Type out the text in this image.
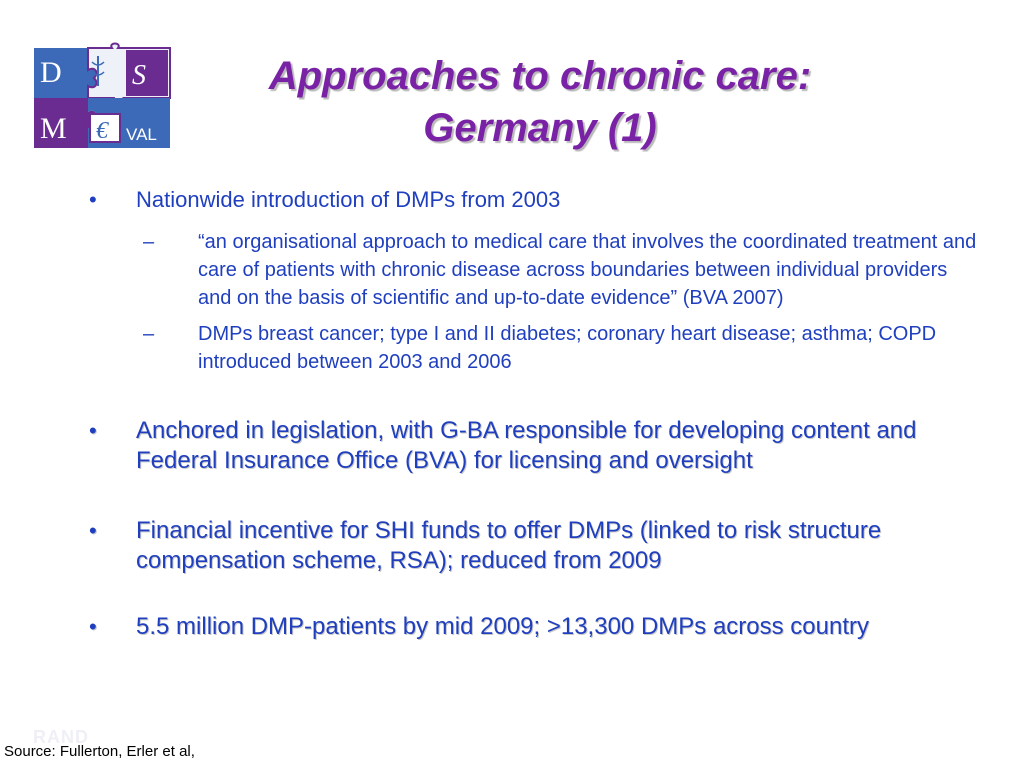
D	S
M	VAL
€
Approaches to chronic care:
Germany (1)
•	Nationwide introduction of DMPs from 2003
–	“an organisational approach to medical care that involves the coordinated treatment and care of patients with chronic disease across boundaries between individual providers and on the basis of scientific and up-to-date evidence” (BVA 2007)
–	DMPs breast cancer; type I and II diabetes; coronary heart disease; asthma; COPD introduced between 2003 and 2006
•	Anchored in legislation, with G-BA responsible for developing content and Federal Insurance Office (BVA) for licensing and oversight
•	Financial incentive for SHI funds to offer DMPs (linked to risk structure compensation scheme, RSA); reduced from 2009
•	5.5 million DMP-patients by mid 2009; >13,300 DMPs across country
RAND
Source: Fullerton, Erler et al,
